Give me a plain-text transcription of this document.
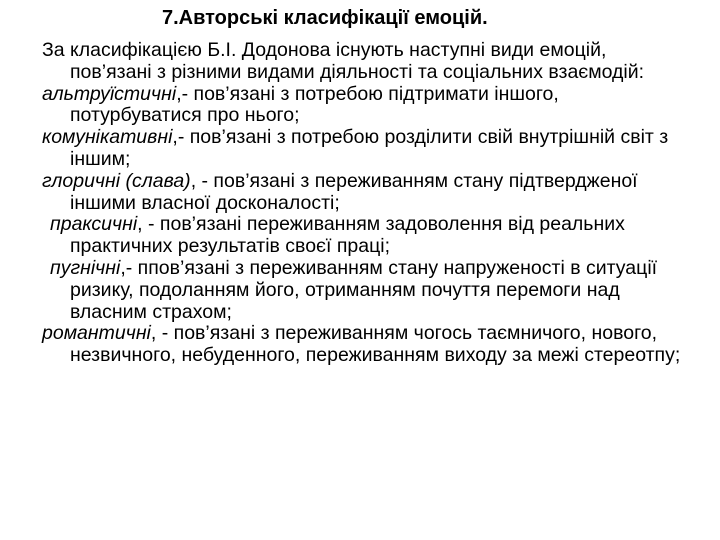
7.Авторські класифікації емоцій.

За класифікацією Б.І. Додонова існують наступні види емоцій, пов’язані з різними видами діяльності та соціальних взаємодій:

альтруїстичні,- пов’язані з потребою підтримати іншого, потурбуватися про нього;

комунікативні,- пов’язані з потребою розділити свій внутрішній світ з іншим;

глоричні (слава), - пов’язані з переживанням стану підтвердженої іншими власної досконалості;

праксичні, - пов’язані переживанням задоволення від реальних практичних результатів своєї праці;

пугнічні,- ппов’язані з переживанням стану напруженості в ситуації ризику, подоланням його, отриманням почуття перемоги над власним страхом;

романтичні, - пов’язані з переживанням чогось таємничого, нового, незвичного, небуденного, переживанням виходу за межі стереотпу;
